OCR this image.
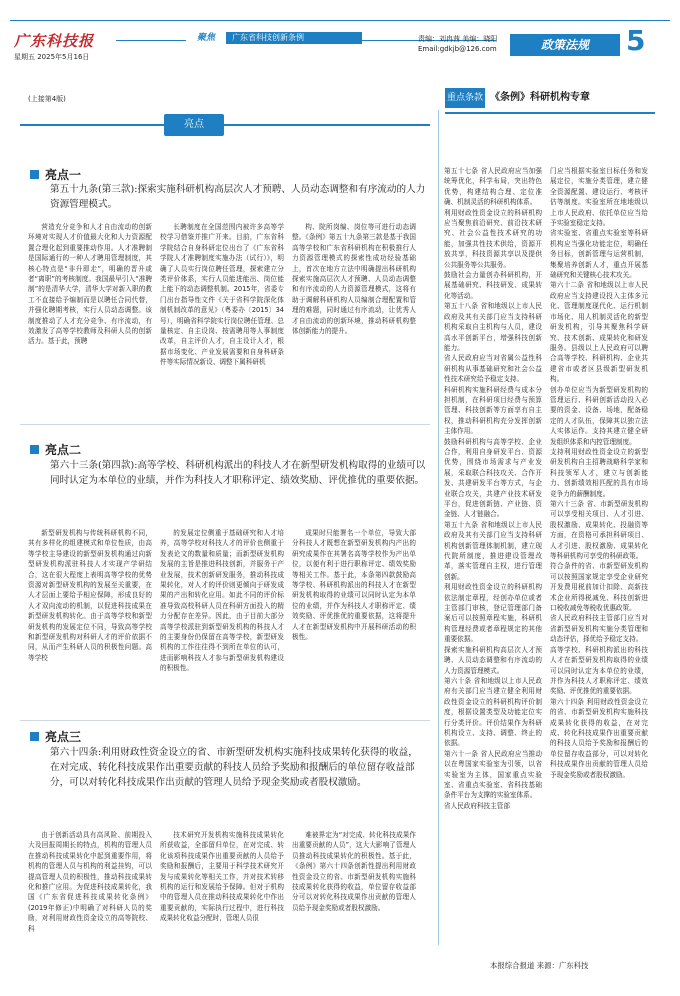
广东科技报
星期五 2025年5月16日
聚焦	广东省科技创新条例	责编：刘冉茜 美编：晓阳
Email:gdkjb@126.com	政策法规	5
(上接第4版)
亮点
重点条款 《条例》科研机构专章
亮点一
第五十九条(第三款):探索实施科研机构高层次人才预聘、人员动态调整和有序流动的人力资源管理模式。

营造充分竞争和人才自由流动的创新环境对实现人才价值最大化和人力资源配置合理化起到重要推动作用。人才准聘制是国际通行的一种人才聘用管理制度，其核心特点是“非升即走”，明确的晋升或者“离职”的考核制度。我国最早引入“准聘制”的是清华大学，清华大学对新入职的教工不直接给予编制而是以聘任合同代替，并强化聘期考核，实行人员动态调整。该制度推动了人才充分竞争、有序流动，有效激发了高等学校教师及科研人员的创新活力。基于此，预聘

长聘制度在全国范围内被许多高等学校学习借鉴并推广开来。目前，广东省科学院结合自身科研定位出台了《广东省科学院人才准聘制度实施办法（试行）》，明确了人员实行岗位聘任管理，探索建立分类评价体系，实行人员能进能出、岗位能上能下的动态调整机制。2015年，省委专门出台指导性文件《关于省科学院深化体制机制改革的意见》（粤委办〔2015〕34号），明确省科学院实行岗位聘任管理、总量核定、自主设岗、按需聘用等人事制度改革，自主评价人才，自主设计人才，根据市场变化、产业发展需要和自身科研条件等实际情况新设、调整下属科研机

构、院所岗编、岗位等可进行动态调整。《条例》第五十九条第三款是基于我国高等学校和广东省科研机构在积极推行人力资源管理模式的探索性成功经验基础上，首次在地方立法中明确提出科研机构探索实施高层次人才预聘、人员动态调整和有序流动的人力资源管理模式，这将有助于调解科研机构人员编制合理配置和管理的难题，同时通过有序流动，让优秀人才自由流动的创新环境，推动科研机构整体创新能力的提升。

亮点二
第六十三条(第四款):高等学校、科研机构派出的科技人才在新型研发机构取得的业绩可以同时认定为本单位的业绩，并作为科技人才职称评定、绩效奖励、评优推优的重要依据。

新型研发机构与传统科研机构不同，其有多样化的组建模式和单位性质，由高等学校主导建设的新型研发机构通过向新型研发机构派驻科技人才实现产学研结合，这在很大程度上表明高等学校的优势资源对新型研发机构的发展至关重要，在人才层面上要给予相应保障，形成良好的人才双向流动的机制，以促进科技成果在新型研发机构转化。由于高等学校和新型研发机构的发展定位不同，导致高等学校和新型研发机构对科研人才的评价依据不同，从而产生科研人员的积极性问题。高等学校

的发展定位侧重于基础研究和人才培养，高等学校对科技人才的评价也侧重于发表论文的数量和质量；而新型研发机构发展的主旨是推进科技创新，并服务于产业发展，技术创新研发服务，推动科技成果转化，对人才的评价则更倾向于研发成果的产出和转化应用。如此不同的评价标准导致高校科研人员在科研方面投入的精力分配存在差异。因此，由于目前大部分高等学校派驻到新型研发机构的科技人才的主要身份仍保留在高等学校，新型研发机构的工作往往得不到所在单位的认可，进而影响科技人才参与新型研发机构建设的积极性。

成果时只能署名一个单位，导致大部分科技人才既想在新型研发机构内产出的研究成果作在其署名高等学校作为产出单位，以便有利于进行职称评定、绩效奖励等相关工作。基于此，本条第四款鼓励高等学校、科研机构派出的科技人才在新型研发机构取得的业绩可以同时认定为本单位的业绩，并作为科技人才职称评定、绩效奖励、评优推优的重要依据，这将提升人才在新型研发机构中开展科研活动的积极性。

亮点三
第六十四条:利用财政性资金设立的省、市新型研发机构实施科技成果转化获得的收益，在对完成、转化科技成果作出重要贡献的科技人员给予奖励和报酬后的单位留存收益部分，可以对转化科技成果作出贡献的管理人员给予现金奖励或者股权激励。

由于创新活动具有高风险、前期投入大及回报周期长的特点，机构的管理人员在推动科技成果转化中起到重要作用，将机构的管理人员与机构的利益挂钩，可以提高管理人员的积极性，推动科技成果转化和推广应用。为促进科技成果转化，我国《广东省促进科技成果转化条例》(2019年修正)中明确了对科研人员的奖励，对利用财政性资金设立的高等院校、科

技术研究开发机构实施科技成果转化所获收益，全部留归单位，在对完成、转化该项科技成果作出重要贡献的人员给予奖励和报酬后，主要用于科学技术研究开发与成果转化等相关工作，并对技术转移机构的运行和发展给予保障。但对于机构中的管理人员在推动科技成果转化中作出重要贡献的，实际执行过程中，进行科技成果转化收益分配时，管理人员很

难被界定为“对完成、转化科技成果作出重要贡献的人员”，这大大影响了管理人员推动科技成果转化的积极性。基于此，《条例》第六十四条创新性提出利用财政性资金设立的省、市新型研发机构实施科技成果转化获得的收益，单位留存收益部分可以对转化科技成果作出贡献的管理人员给予现金奖励或者股权激励。

第五十七条 省人民政府应当加强统筹优化，科学布局，突出特色优势，构建结构合理、定位准确、机制灵活的科研机构体系。
利用财政性资金设立的科研机构应当聚焦前沿研究、前沿技术研究、社会公益性技术研究的功能，加强共性技术供给，资源开放共享，科技资源共享以及提供公共服务等公共服务。
鼓励社会力量创办科研机构，开展基础研究、科技研发、成果转化等活动。
第五十八条 省和地级以上市人民政府及其有关部门应当支持科研机构采取自主机构与人员，建设高水平创新平台，增强科技创新能力。
省人民政府应当对省属公益性科研机构从事基础研究和社会公益性技术研究给予稳定支持。
科研机构实施科研经费与成本分担机制，在科研项目经费与预算管理、科技创新等方面享有自主权，推动科研机构充分发挥创新主体作用。
鼓励科研机构与高等学校、企业合作，利用自身研发平台、资源优势，围绕市场需求与产业发展，采取联合科技攻关、合作开发、共建研发平台等方式，与企业联合攻关，共建产业技术研发平台，促进创新链、产业链、资金链、人才链融合。
第五十九条 省和地级以上市人民政府及其有关部门应当支持科研机构创新管理体制机制，建立现代院所制度，推进建设管理改革，落实管理自主权，进行管理创新。
利用财政性资金设立的科研机构依法制定章程，经创办单位或者主管部门审核，登记管理部门备案后可以按照章程实施，科研机构管理经费或者章程规定的其他重要依据。
探索实施科研机构高层次人才预聘、人员动态调整和有序流动的人力资源管理模式。
第六十条 省和地级以上市人民政府有关部门应当建立健全利用财政性资金设立的科研机构评价制度，根据设置类型及功能定位实行分类评价。评价结果作为科研机构设立、支持、调整、终止的依据。
第六十一条 省人民政府应当推动以在粤国家实验室为引领，以省实验室为主体，国家重点实验室、省重点实验室、省科技基础条件平台为支撑的实验室体系。
省人民政府科技主管部

门应当根据实验室目标任务和发展定位，实施分类管理，建立健全资源配置、建设运行、考核评估等制度。实验室所在地地级以上市人民政府、依托单位应当给予实验室稳定支持。
省实验室、省重点实验室等科研机构应当强化功能定位，明确任务目标，创新管理与运营机制，集聚培养创新人才，重点开展基础研究和关键核心技术攻关。
第六十二条 省和地级以上市人民政府应当支持建设投入主体多元化、管理制度现代化、运行机制市场化、用人机制灵活化的新型研发机构，引导其聚焦科学研究、技术创新、成果转化和研发服务。县级以上人民政府可以聘合高等学校、科研机构、企业共建省市或者区县级新型研发机构。
创办单位应当为新型研发机构的管理运行、科研创新活动投入必要的资金、设备、场地，配备稳定的人才队伍，保障其以独立法人实体运作。支持其建立健全研发组织体系和内控管理制度。
支持利用财政性资金设立的新型研发机构自主招聘战略科学家和科技领军人才，建立与创新能力、创新绩效相匹配的具有市场竞争力的薪酬制度。
第六十三条 省、市新型研发机构可以享受相关项目、人才引进、股权激励、成果转化、投融资等方面，在资格可承担科研项目、人才引进、股权激励、成果转化等科研机构可享受的科研政策。
符合条件的省、市新型研发机构可以按照国家规定享受企业研究开发费用税前加计扣除、高新技术企业所得税减免、科技创新进口税收减免等税收优惠政策。
省人民政府科技主管部门应当对省新型研发机构实施分类管理和动态评估，择优给予稳定支持。
高等学校、科研机构派出的科技人才在新型研发机构取得的业绩可以同时认定为本单位的业绩，并作为科技人才职称评定、绩效奖励、评优推优的重要依据。
第六十四条 利用财政性资金设立的省、市新型研发机构实施科技成果转化获得的收益，在对完成、转化科技成果作出重要贡献的科技人员给予奖励和报酬后的单位留存收益部分，可以对转化科技成果作出贡献的管理人员给予现金奖励或者股权激励。

本报综合报道 来源：广东科技
